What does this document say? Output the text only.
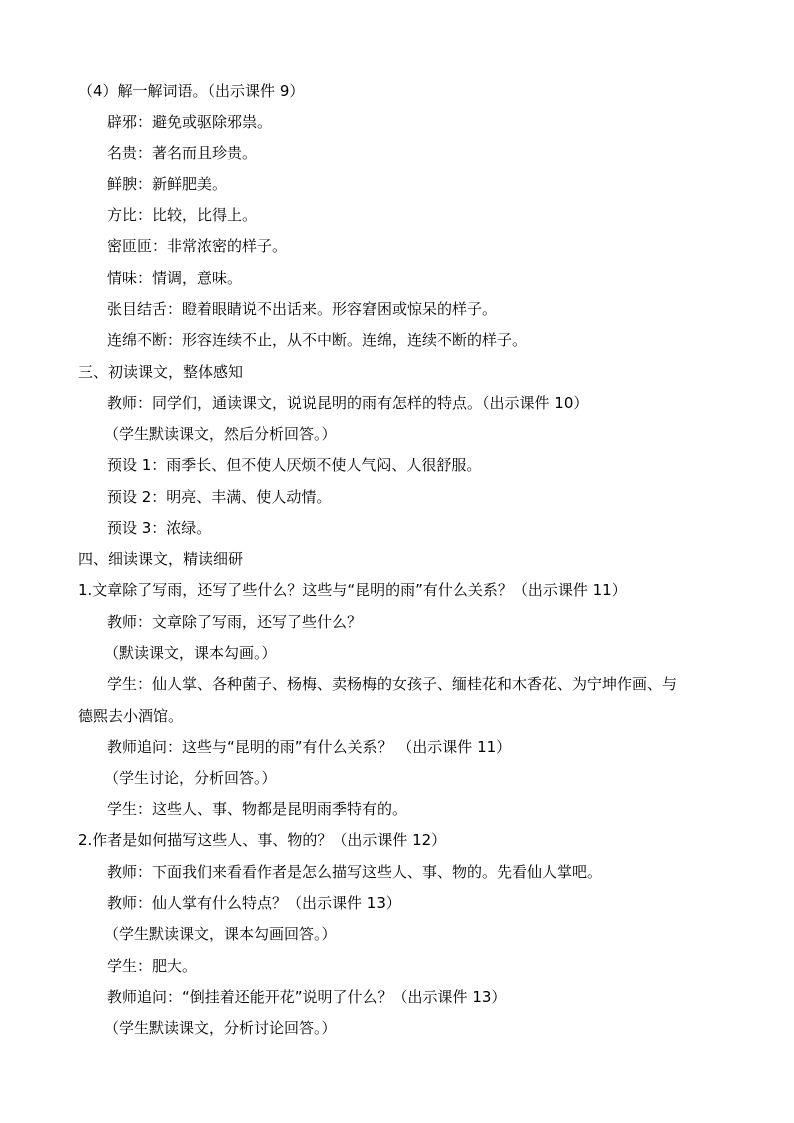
（4）解一解词语。（出示课件 9）
辟邪：避免或驱除邪祟。
名贵：著名而且珍贵。
鲜腴：新鲜肥美。
方比：比较，比得上。
密匝匝：非常浓密的样子。
情味：情调，意味。
张目结舌：瞪着眼睛说不出话来。形容窘困或惊呆的样子。
连绵不断：形容连续不止，从不中断。连绵，连续不断的样子。
三、初读课文，整体感知
教师：同学们，通读课文，说说昆明的雨有怎样的特点。（出示课件 10）
（学生默读课文，然后分析回答。）
预设 1：雨季长、但不使人厌烦不使人气闷、人很舒服。
预设 2：明亮、丰满、使人动情。
预设 3：浓绿。
四、细读课文，精读细研
1.文章除了写雨，还写了些什么？这些与“昆明的雨”有什么关系？（出示课件 11）
教师：文章除了写雨，还写了些什么？
（默读课文，课本勾画。）
学生：仙人掌、各种菌子、杨梅、卖杨梅的女孩子、缅桂花和木香花、为宁坤作画、与
德熙去小酒馆。
教师追问：这些与“昆明的雨”有什么关系？ （出示课件 11）
（学生讨论，分析回答。）
学生：这些人、事、物都是昆明雨季特有的。
2.作者是如何描写这些人、事、物的？（出示课件 12）
教师：下面我们来看看作者是怎么描写这些人、事、物的。先看仙人掌吧。
教师：仙人掌有什么特点？（出示课件 13）
（学生默读课文，课本勾画回答。）
学生：肥大。
教师追问：“倒挂着还能开花”说明了什么？（出示课件 13）
（学生默读课文，分析讨论回答。）
